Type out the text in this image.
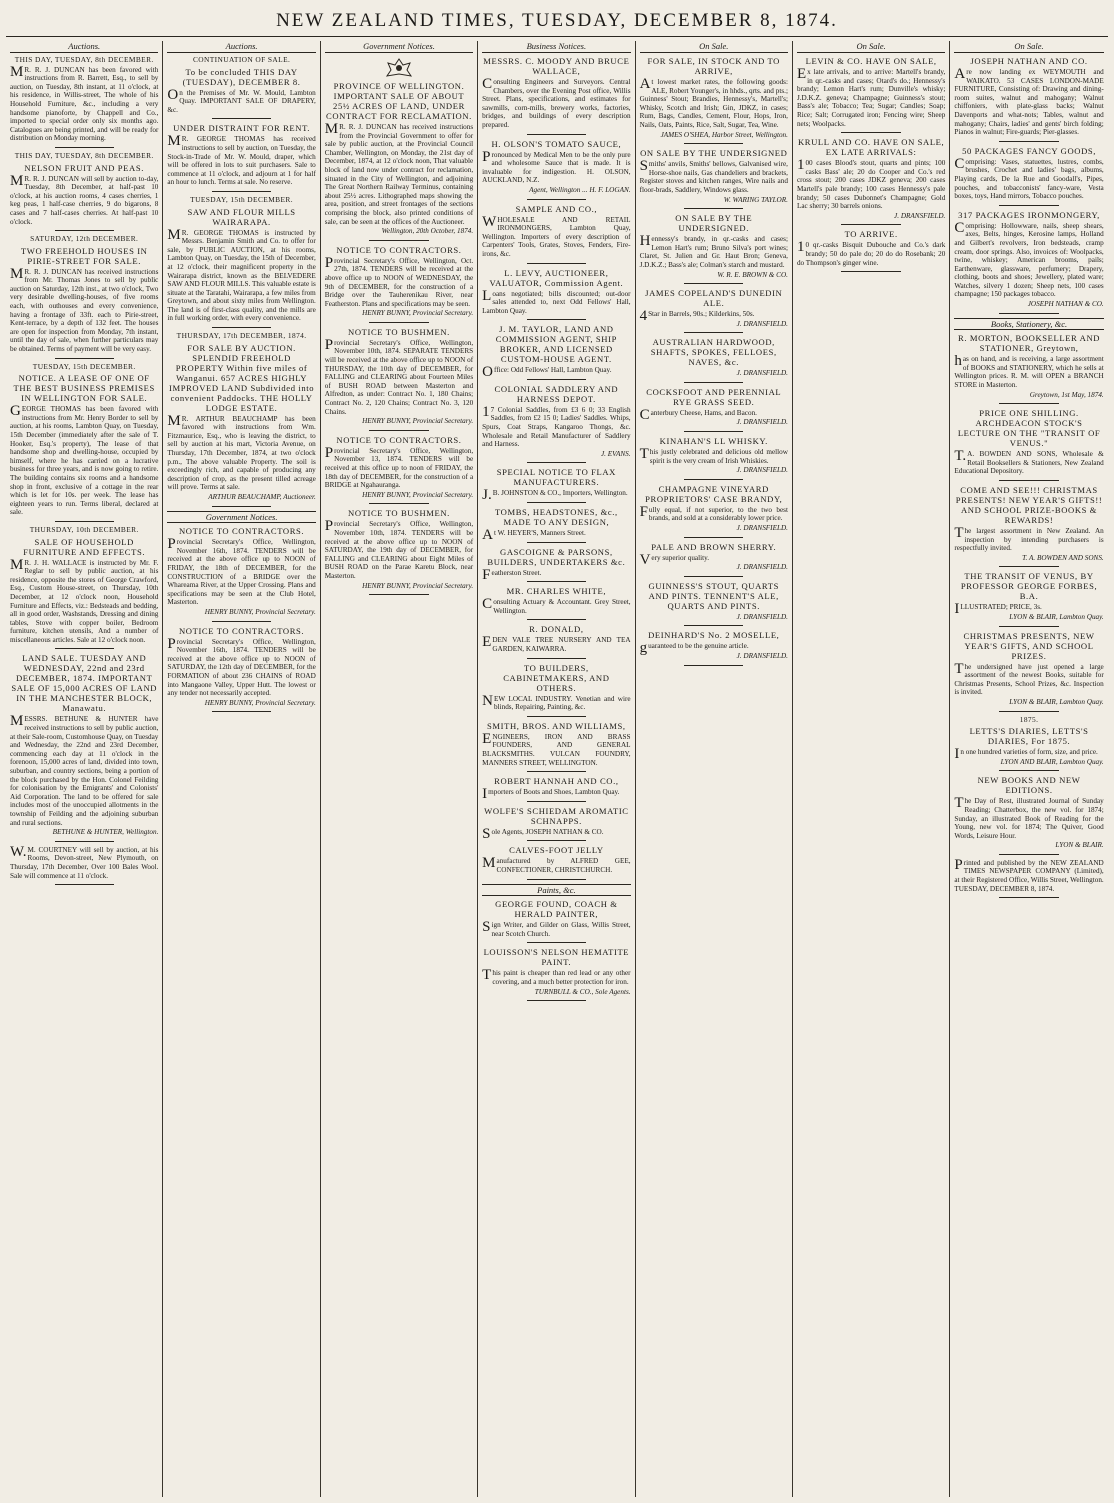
NEW ZEALAND TIMES, TUESDAY, DECEMBER 8, 1874.
Auctions.
THIS DAY, TUESDAY, 8th DECEMBER.
MR. R. J. DUNCAN has been favored with instructions from R. Barrett, Esq., to sell by auction, on Tuesday, 8th instant, at 11 o'clock, at his residence, in Willis-street, The whole of his Household Furniture, &c., including a very handsome pianoforte, by Chappell and Co., imported to special order only six months ago. Catalogues are being printed, and will be ready for distribution on Monday morning.
THIS DAY, TUESDAY, 8th DECEMBER.
NELSON FRUIT AND PEAS.
MR. R. J. DUNCAN will sell by auction to-day, Tuesday, 8th December, at half-past 10 o'clock, at his auction rooms, 4 cases cherries, 1 keg peas, 1 half-case cherries, 9 do bigarons, 8 cases and 7 half-cases cherries. At half-past 10 o'clock.
SATURDAY, 12th DECEMBER.
TWO FREEHOLD HOUSES IN PIRIE-STREET FOR SALE.
MR. R. J. DUNCAN has received instructions from Mr. Thomas Jones to sell by public auction on Saturday, 12th inst., at two o'clock, Two very desirable dwelling-houses, of five rooms each, with outhouses and every convenience, having a frontage of 33ft. each to Pirie-street, Kent-terrace, by a depth of 132 feet. The houses are open for inspection from Monday, 7th instant, until the day of sale, when further particulars may be obtained. Terms of payment will be very easy.
TUESDAY, 15th DECEMBER.
NOTICE. A LEASE OF ONE OF THE BEST BUSINESS PREMISES IN WELLINGTON FOR SALE.
GEORGE THOMAS has been favored with instructions from Mr. Henry Border to sell by auction, at his rooms, Lambton Quay, on Tuesday, 15th December (immediately after the sale of T. Hooker, Esq.'s property), The lease of that handsome shop and dwelling-house, occupied by himself, where he has carried on a lucrative business for three years, and is now going to retire. The building contains six rooms and a handsome shop in front, exclusive of a cottage in the rear which is let for 10s. per week. The lease has eighteen years to run. Terms liberal, declared at sale.
THURSDAY, 10th DECEMBER.
SALE OF HOUSEHOLD FURNITURE AND EFFECTS.
MR. J. H. WALLACE is instructed by Mr. F. Reglar to sell by public auction, at his residence, opposite the stores of George Crawford, Esq., Custom House-street, on Thursday, 10th December, at 12 o'clock noon, Household Furniture and Effects, viz.: Bedsteads and bedding, all in good order, Washstands, Dressing and dining tables, Stove with copper boiler, Bedroom furniture, kitchen utensils, And a number of miscellaneous articles. Sale at 12 o'clock noon.
LAND SALE. TUESDAY AND WEDNESDAY, 22nd and 23rd DECEMBER, 1874. IMPORTANT SALE OF 15,000 ACRES OF LAND IN THE MANCHESTER BLOCK, Manawatu.
MESSRS. BETHUNE & HUNTER have received instructions to sell by public auction, at their Sale-room, Customhouse Quay, on Tuesday and Wednesday, the 22nd and 23rd December, commencing each day at 11 o'clock in the forenoon, 15,000 acres of land, divided into town, suburban, and country sections, being a portion of the block purchased by the Hon. Colonel Feilding for colonisation by the Emigrants' and Colonists' Aid Corporation. The land to be offered for sale includes most of the unoccupied allotments in the township of Feilding and the adjoining suburban and rural sections.
BETHUNE & HUNTER, Wellington.
W.M. COURTNEY will sell by auction, at his Rooms, Devon-street, New Plymouth, on Thursday, 17th December, Over 100 Bales Wool. Sale will commence at 11 o'clock.
Auctions.
CONTINUATION OF SALE.
To be concluded THIS DAY (TUESDAY), DECEMBER 8.
On the Premises of Mr. W. Mould, Lambton Quay. IMPORTANT SALE OF DRAPERY, &c.
UNDER DISTRAINT FOR RENT.
MR. GEORGE THOMAS has received instructions to sell by auction, on Tuesday, the Stock-in-Trade of Mr. W. Mould, draper, which will be offered in lots to suit purchasers. Sale to commence at 11 o'clock, and adjourn at 1 for half an hour to lunch. Terms at sale. No reserve.
TUESDAY, 15th DECEMBER.
SAW AND FLOUR MILLS WAIRARAPA.
MR. GEORGE THOMAS is instructed by Messrs. Benjamin Smith and Co. to offer for sale, by PUBLIC AUCTION, at his rooms, Lambton Quay, on Tuesday, the 15th of December, at 12 o'clock, their magnificent property in the Wairarapa district, known as the BELVEDERE SAW AND FLOUR MILLS. This valuable estate is situate at the Taratahi, Wairarapa, a few miles from Greytown, and about sixty miles from Wellington. The land is of first-class quality, and the mills are in full working order, with every convenience.
THURSDAY, 17th DECEMBER, 1874.
FOR SALE BY AUCTION. SPLENDID FREEHOLD PROPERTY Within five miles of Wanganui. 657 ACRES HIGHLY IMPROVED LAND Subdivided into convenient Paddocks. THE HOLLY LODGE ESTATE.
MR. ARTHUR BEAUCHAMP has been favored with instructions from Wm. Fitzmaurice, Esq., who is leaving the district, to sell by auction at his mart, Victoria Avenue, on Thursday, 17th December, 1874, at two o'clock p.m., The above valuable Property. The soil is exceedingly rich, and capable of producing any description of crop, as the present tilled acreage will prove. Terms at sale.
ARTHUR BEAUCHAMP, Auctioneer.
Government Notices.
NOTICE TO CONTRACTORS.
Provincial Secretary's Office, Wellington, November 16th, 1874. TENDERS will be received at the above office up to NOON of FRIDAY, the 18th of DECEMBER, for the CONSTRUCTION of a BRIDGE over the Whareama River, at the Upper Crossing. Plans and specifications may be seen at the Club Hotel, Masterton.
HENRY BUNNY, Provincial Secretary.
NOTICE TO CONTRACTORS.
Provincial Secretary's Office, Wellington, November 16th, 1874. TENDERS will be received at the above office up to NOON of SATURDAY, the 12th day of DECEMBER, for the FORMATION of about 236 CHAINS of ROAD into Mangaone Valley, Upper Hutt. The lowest or any tender not necessarily accepted.
HENRY BUNNY, Provincial Secretary.
Government Notices.
PROVINCE OF WELLINGTON. IMPORTANT SALE OF ABOUT 25½ ACRES OF LAND, UNDER CONTRACT FOR RECLAMATION.
MR. R. J. DUNCAN has received instructions from the Provincial Government to offer for sale by public auction, at the Provincial Council Chamber, Wellington, on Monday, the 21st day of December, 1874, at 12 o'clock noon, That valuable block of land now under contract for reclamation, situated in the City of Wellington, and adjoining The Great Northern Railway Terminus, containing about 25½ acres. Lithographed maps showing the area, position, and street frontages of the sections comprising the block, also printed conditions of sale, can be seen at the offices of the Auctioneer.
Wellington, 20th October, 1874.
NOTICE TO CONTRACTORS.
Provincial Secretary's Office, Wellington, Oct. 27th, 1874. TENDERS will be received at the above office up to NOON of WEDNESDAY, the 9th of DECEMBER, for the construction of a Bridge over the Tauherenikau River, near Featherston. Plans and specifications may be seen.
HENRY BUNNY, Provincial Secretary.
NOTICE TO BUSHMEN.
Provincial Secretary's Office, Wellington, November 10th, 1874. SEPARATE TENDERS will be received at the above office up to NOON of THURSDAY, the 10th day of DECEMBER, for FALLING and CLEARING about Fourteen Miles of BUSH ROAD between Masterton and Alfredton, as under: Contract No. 1, 180 Chains; Contract No. 2, 120 Chains; Contract No. 3, 120 Chains.
HENRY BUNNY, Provincial Secretary.
NOTICE TO CONTRACTORS.
Provincial Secretary's Office, Wellington, November 13, 1874. TENDERS will be received at this office up to noon of FRIDAY, the 18th day of DECEMBER, for the construction of a BRIDGE at Ngahauranga.
HENRY BUNNY, Provincial Secretary.
NOTICE TO BUSHMEN.
Provincial Secretary's Office, Wellington, November 10th, 1874. TENDERS will be received at the above office up to NOON of SATURDAY, the 19th day of DECEMBER, for FALLING and CLEARING about Eight Miles of BUSH ROAD on the Parae Karetu Block, near Masterton.
HENRY BUNNY, Provincial Secretary.
Business Notices.
MESSRS. C. MOODY AND BRUCE WALLACE,
Consulting Engineers and Surveyors. Central Chambers, over the Evening Post office, Willis Street. Plans, specifications, and estimates for sawmills, corn-mills, brewery works, factories, bridges, and buildings of every description prepared.
H. OLSON'S TOMATO SAUCE,
Pronounced by Medical Men to be the only pure and wholesome Sauce that is made. It is invaluable for indigestion. H. OLSON, AUCKLAND, N.Z.
Agent, Wellington ... H. F. LOGAN.
SAMPLE AND CO.,
WHOLESALE AND RETAIL IRONMONGERS, Lambton Quay, Wellington. Importers of every description of Carpenters' Tools, Grates, Stoves, Fenders, Fire-irons, &c.
L. LEVY, AUCTIONEER, VALUATOR, Commission Agent.
Loans negotiated; bills discounted; out-door sales attended to, next Odd Fellows' Hall, Lambton Quay.
J. M. TAYLOR, LAND AND COMMISSION AGENT, SHIP BROKER, AND LICENSED CUSTOM-HOUSE AGENT.
Office: Odd Fellows' Hall, Lambton Quay.
COLONIAL SADDLERY AND HARNESS DEPOT.
17 Colonial Saddles, from £3 6 0; 33 English Saddles, from £2 15 0; Ladies' Saddles. Whips, Spurs, Coat Straps, Kangaroo Thongs, &c. Wholesale and Retail Manufacturer of Saddlery and Harness.
J. EVANS.
SPECIAL NOTICE TO FLAX MANUFACTURERS.
J.B. JOHNSTON & CO., Importers, Wellington.
TOMBS, HEADSTONES, &c., MADE TO ANY DESIGN,
At W. HEYER'S, Manners Street.
GASCOIGNE & PARSONS, BUILDERS, UNDERTAKERS &c.
Featherston Street.
MR. CHARLES WHITE,
Consulting Actuary & Accountant. Grey Street, Wellington.
R. DONALD,
EDEN VALE TREE NURSERY AND TEA GARDEN, KAIWARRA.
TO BUILDERS, CABINETMAKERS, AND OTHERS.
NEW LOCAL INDUSTRY. Venetian and wire blinds, Repairing, Painting, &c.
SMITH, BROS. AND WILLIAMS,
ENGINEERS, IRON AND BRASS FOUNDERS, AND GENERAL BLACKSMITHS. VULCAN FOUNDRY, MANNERS STREET, WELLINGTON.
ROBERT HANNAH AND CO.,
Importers of Boots and Shoes, Lambton Quay.
WOLFE'S SCHIEDAM AROMATIC SCHNAPPS.
Sole Agents, JOSEPH NATHAN & CO.
CALVES-FOOT JELLY
Manufactured by ALFRED GEE, CONFECTIONER, CHRISTCHURCH.
Paints, &c.
GEORGE FOUND, COACH & HERALD PAINTER,
Sign Writer, and Gilder on Glass, Willis Street, near Scotch Church.
LOUISSON'S NELSON HEMATITE PAINT.
This paint is cheaper than red lead or any other covering, and a much better protection for iron.
TURNBULL & CO., Sole Agents.
On Sale.
FOR SALE, IN STOCK AND TO ARRIVE,
At lowest market rates, the following goods: ALE, Robert Younger's, in hhds., qrts. and pts.; Guinness' Stout; Brandies, Hennessy's, Martell's; Whisky, Scotch and Irish; Gin, JDKZ, in cases; Rum, Bags, Candles, Cement, Flour, Hops, Iron, Nails, Oats, Paints, Rice, Salt, Sugar, Tea, Wine.
JAMES O'SHEA, Harbor Street, Wellington.
ON SALE BY THE UNDERSIGNED
Smiths' anvils, Smiths' bellows, Galvanised wire, Horse-shoe nails, Gas chandeliers and brackets, Register stoves and kitchen ranges, Wire nails and floor-brads, Saddlery, Windows glass.
W. WARING TAYLOR.
ON SALE BY THE UNDERSIGNED.
Hennessy's brandy, in qr.-casks and cases; Lemon Hart's rum; Bruno Silva's port wines; Claret, St. Julien and Gr. Haut Bron; Geneva, J.D.K.Z.; Bass's ale; Colman's starch and mustard.
W. R. E. BROWN & CO.
JAMES COPELAND'S DUNEDIN ALE.
4Star in Barrels, 90s.; Kilderkins, 50s.
J. DRANSFIELD.
AUSTRALIAN HARDWOOD, SHAFTS, SPOKES, FELLOES, NAVES, &c.
J. DRANSFIELD.
COCKSFOOT AND PERENNIAL RYE GRASS SEED.
Canterbury Cheese, Hams, and Bacon.
J. DRANSFIELD.
KINAHAN'S LL WHISKY.
This justly celebrated and delicious old mellow spirit is the very cream of Irish Whiskies.
J. DRANSFIELD.
CHAMPAGNE VINEYARD PROPRIETORS' CASE BRANDY,
Fully equal, if not superior, to the two best brands, and sold at a considerably lower price.
J. DRANSFIELD.
PALE AND BROWN SHERRY.
Very superior quality.
J. DRANSFIELD.
GUINNESS'S STOUT, QUARTS AND PINTS. TENNENT'S ALE, QUARTS AND PINTS.
J. DRANSFIELD.
DEINHARD'S No. 2 MOSELLE,
guaranteed to be the genuine article.
J. DRANSFIELD.
On Sale.
LEVIN & CO. HAVE ON SALE,
Ex late arrivals, and to arrive: Martell's brandy, in qr.-casks and cases; Otard's do.; Hennessy's brandy; Lemon Hart's rum; Dunville's whisky; J.D.K.Z. geneva; Champagne; Guinness's stout; Bass's ale; Tobacco; Tea; Sugar; Candles; Soap; Rice; Salt; Corrugated iron; Fencing wire; Sheep nets; Woolpacks.
KRULL AND CO. HAVE ON SALE, EX LATE ARRIVALS:
100 cases Blood's stout, quarts and pints; 100 casks Bass' ale; 20 do Cooper and Co.'s red cross stout; 200 cases JDKZ geneva; 200 cases Martell's pale brandy; 100 cases Hennessy's pale brandy; 50 cases Dubonnet's Champagne; Gold Lac sherry; 30 barrels onions.
J. DRANSFIELD.
TO ARRIVE.
10 qr.-casks Bisquit Dubouche and Co.'s dark brandy; 50 do pale do; 20 do do Rosebank; 20 do Thompson's ginger wine.
On Sale.
JOSEPH NATHAN AND CO.
Are now landing ex WEYMOUTH and WAIKATO. 53 CASES LONDON-MADE FURNITURE, Consisting of: Drawing and dining-room suites, walnut and mahogany; Walnut chiffoniers, with plate-glass backs; Walnut Davenports and what-nots; Tables, walnut and mahogany; Chairs, ladies' and gents' birch folding; Pianos in walnut; Fire-guards; Pier-glasses.
50 PACKAGES FANCY GOODS,
Comprising: Vases, statuettes, lustres, combs, brushes, Crochet and ladies' bags, albums, Playing cards, De la Rue and Goodall's, Pipes, pouches, and tobacconists' fancy-ware, Vesta boxes, toys, Hand mirrors, Tobacco pouches.
317 PACKAGES IRONMONGERY,
Comprising: Hollowware, nails, sheep shears, axes, Belts, hinges, Kerosine lamps, Holland and Gilbert's revolvers, Iron bedsteads, cramp cream, door springs. Also, invoices of: Woolpacks, twine, whiskey; American brooms, pails; Earthenware, glassware, perfumery; Drapery, clothing, boots and shoes; Jewellery, plated ware; Watches, silvery 1 dozen; Sheep nets, 100 cases champagne; 150 packages tobacco.
JOSEPH NATHAN & CO.
Books, Stationery, &c.
R. MORTON, BOOKSELLER AND STATIONER, Greytown,
has on hand, and is receiving, a large assortment of BOOKS and STATIONERY, which he sells at Wellington prices. R. M. will OPEN a BRANCH STORE in Masterton.
Greytown, 1st May, 1874.
PRICE ONE SHILLING. ARCHDEACON STOCK'S LECTURE ON THE "TRANSIT OF VENUS."
T.A. BOWDEN AND SONS, Wholesale & Retail Booksellers & Stationers, New Zealand Educational Depository.
COME AND SEE!!! CHRISTMAS PRESENTS! NEW YEAR'S GIFTS!! AND SCHOOL PRIZE-BOOKS & REWARDS!
The largest assortment in New Zealand. An inspection by intending purchasers is respectfully invited.
T. A. BOWDEN AND SONS.
THE TRANSIT OF VENUS, BY PROFESSOR GEORGE FORBES, B.A.
ILLUSTRATED; PRICE, 3s.
LYON & BLAIR, Lambton Quay.
CHRISTMAS PRESENTS, NEW YEAR'S GIFTS, AND SCHOOL PRIZES.
The undersigned have just opened a large assortment of the newest Books, suitable for Christmas Presents, School Prizes, &c. Inspection is invited.
LYON & BLAIR, Lambton Quay.
1875.
LETTS'S DIARIES, LETTS'S DIARIES, For 1875.
In one hundred varieties of form, size, and price.
LYON AND BLAIR, Lambton Quay.
NEW BOOKS AND NEW EDITIONS.
The Day of Rest, illustrated Journal of Sunday Reading; Chatterbox, the new vol. for 1874; Sunday, an illustrated Book of Reading for the Young, new vol. for 1874; The Quiver, Good Words, Leisure Hour.
LYON & BLAIR.
Printed and published by the NEW ZEALAND TIMES NEWSPAPER COMPANY (Limited), at their Registered Office, Willis Street, Wellington. TUESDAY, DECEMBER 8, 1874.
